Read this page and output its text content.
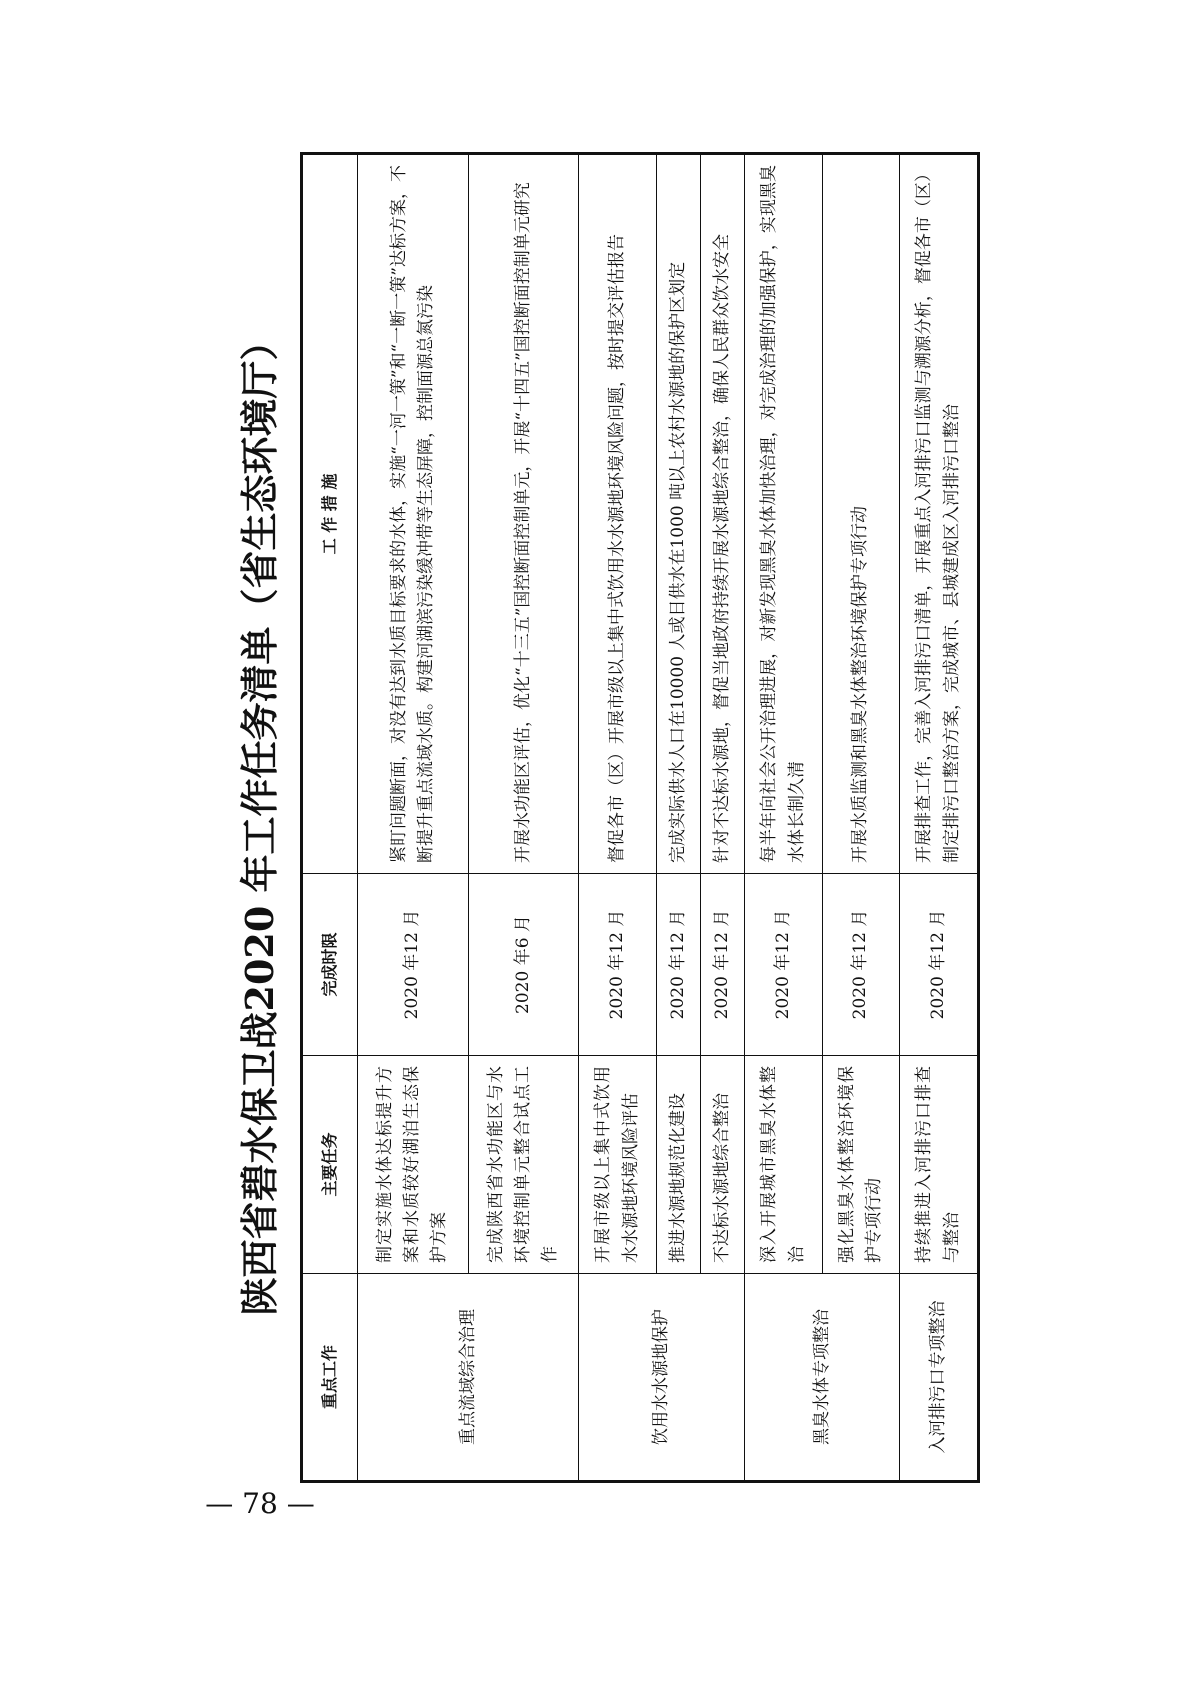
— 78 —
陕西省碧水保卫战2020 年工作任务清单（省生态环境厅）
重点工作	主要任务	完成时限	工 作 措 施
重点流域综合治理	制定实施水体达标提升方案和水质较好湖泊生态保护方案	2020 年12 月	紧盯问题断面，对没有达到水质目标要求的水体，实施“一河一策”和“一断一策”达标方案，不断提升重点流域水质。构建河湖滨污染缓冲带等生态屏障，控制面源总氮污染
	完成陕西省水功能区与水环境控制单元整合试点工作	2020 年6 月	开展水功能区评估，优化“十三五”国控断面控制单元，开展“十四五”国控断面控制单元研究
饮用水水源地保护	开展市级以上集中式饮用水水源地环境风险评估	2020 年12 月	督促各市（区）开展市级以上集中式饮用水水源地环境风险问题，按时提交评估报告
	推进水源地规范化建设	2020 年12 月	完成实际供水人口在10000 人或日供水在1000 吨以上农村水源地的保护区划定
	不达标水源地综合整治	2020 年12 月	针对不达标水源地，督促当地政府持续开展水源地综合整治，确保人民群众饮水安全
黑臭水体专项整治	深入开展城市黑臭水体整治	2020 年12 月	每半年向社会公开治理进展，对新发现黑臭水体加快治理，对完成治理的加强保护，实现黑臭水体长制久清
	强化黑臭水体整治环境保护专项行动	2020 年12 月	开展水质监测和黑臭水体整治环境保护专项行动
入河排污口专项整治	持续推进入河排污口排查与整治	2020 年12 月	开展排查工作，完善入河排污口清单，开展重点入河排污口监测与溯源分析，督促各市（区）制定排污口整治方案，完成城市、县城建成区入河排污口整治
